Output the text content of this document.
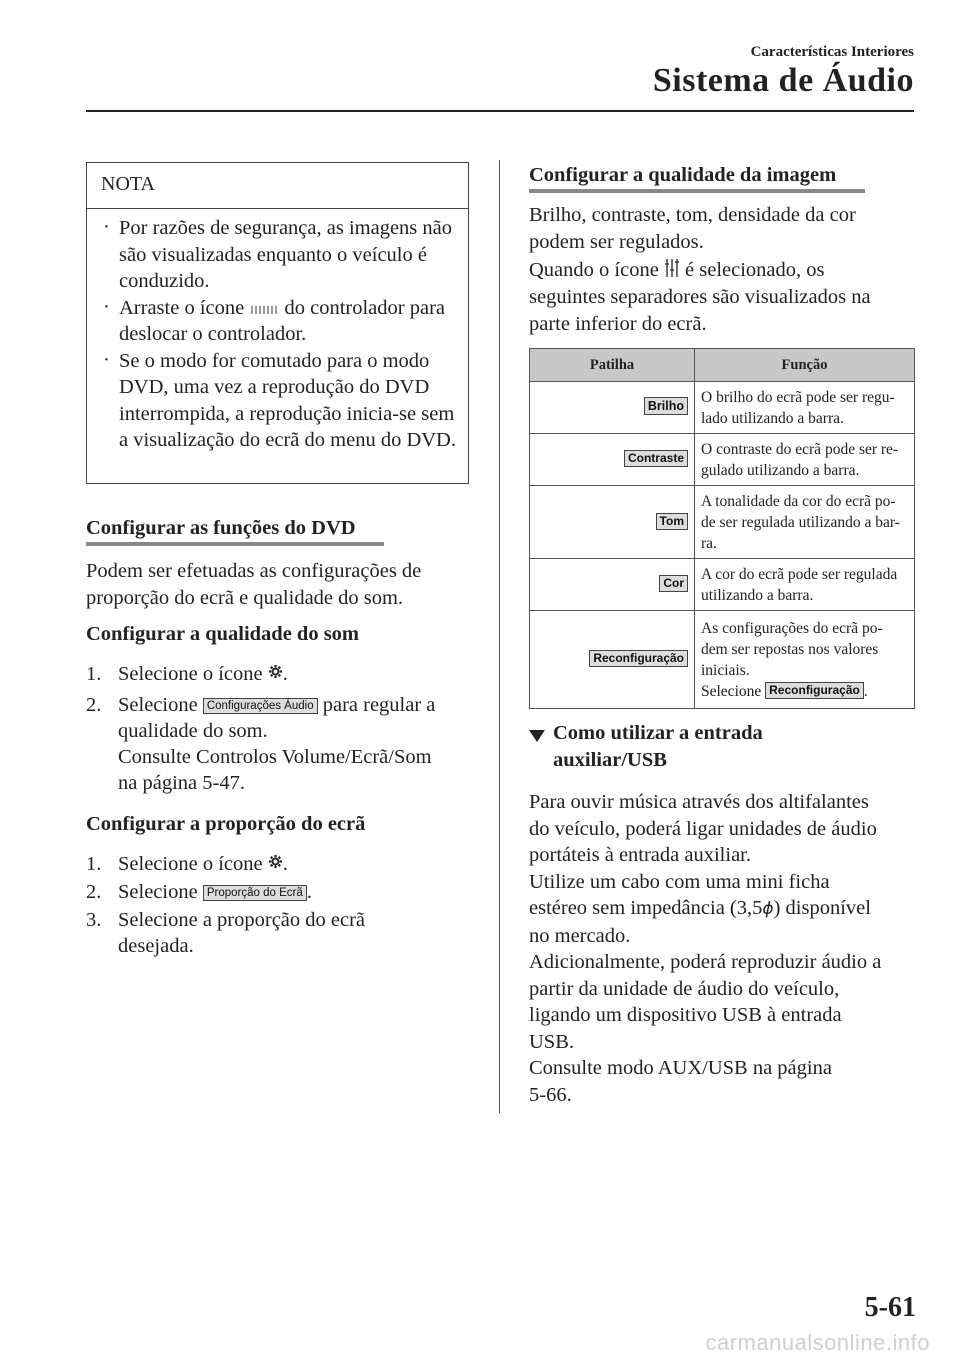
Características Interiores
Sistema de Áudio
NOTA
· Por razões de segurança, as imagens não são visualizadas enquanto o veículo é conduzido.
· Arraste o ícone do controlador para deslocar o controlador.
· Se o modo for comutado para o modo DVD, uma vez a reprodução do DVD interrompida, a reprodução inicia-se sem a visualização do ecrã do menu do DVD.
Configurar as funções do DVD
Podem ser efetuadas as configurações de proporção do ecrã e qualidade do som.
Configurar a qualidade do som
1. Selecione o ícone .
2. Selecione Configurações Áudio para regular a
qualidade do som.
Consulte Controlos Volume/Ecrã/Som
na página 5-47.
Configurar a proporção do ecrã
1. Selecione o ícone .
2. Selecione Proporção do Ecrã .
3. Selecione a proporção do ecrã
desejada.
Configurar a qualidade da imagem
Brilho, contraste, tom, densidade da cor
podem ser regulados.
Quando o ícone é selecionado, os
seguintes separadores são visualizados na
parte inferior do ecrã.
Patilha	Função
Brilho	O brilho do ecrã pode ser regu-lado utilizando a barra.
Contraste	O contraste do ecrã pode ser re-gulado utilizando a barra.
Tom	A tonalidade da cor do ecrã po-de ser regulada utilizando a bar-ra.
Cor	A cor do ecrã pode ser regulada utilizando a barra.
Reconfiguração	As configurações do ecrã po-dem ser repostas nos valores iniciais.
Selecione Reconfiguração .
Como utilizar a entrada
auxiliar/USB
Para ouvir música através dos altifalantes
do veículo, poderá ligar unidades de áudio
portáteis à entrada auxiliar.
Utilize um cabo com uma mini ficha
estéreo sem impedância (3,5ϕ) disponível
no mercado.
Adicionalmente, poderá reproduzir áudio a
partir da unidade de áudio do veículo,
ligando um dispositivo USB à entrada
USB.
Consulte modo AUX/USB na página
5-66.
5-61
carmanualsonline.info
